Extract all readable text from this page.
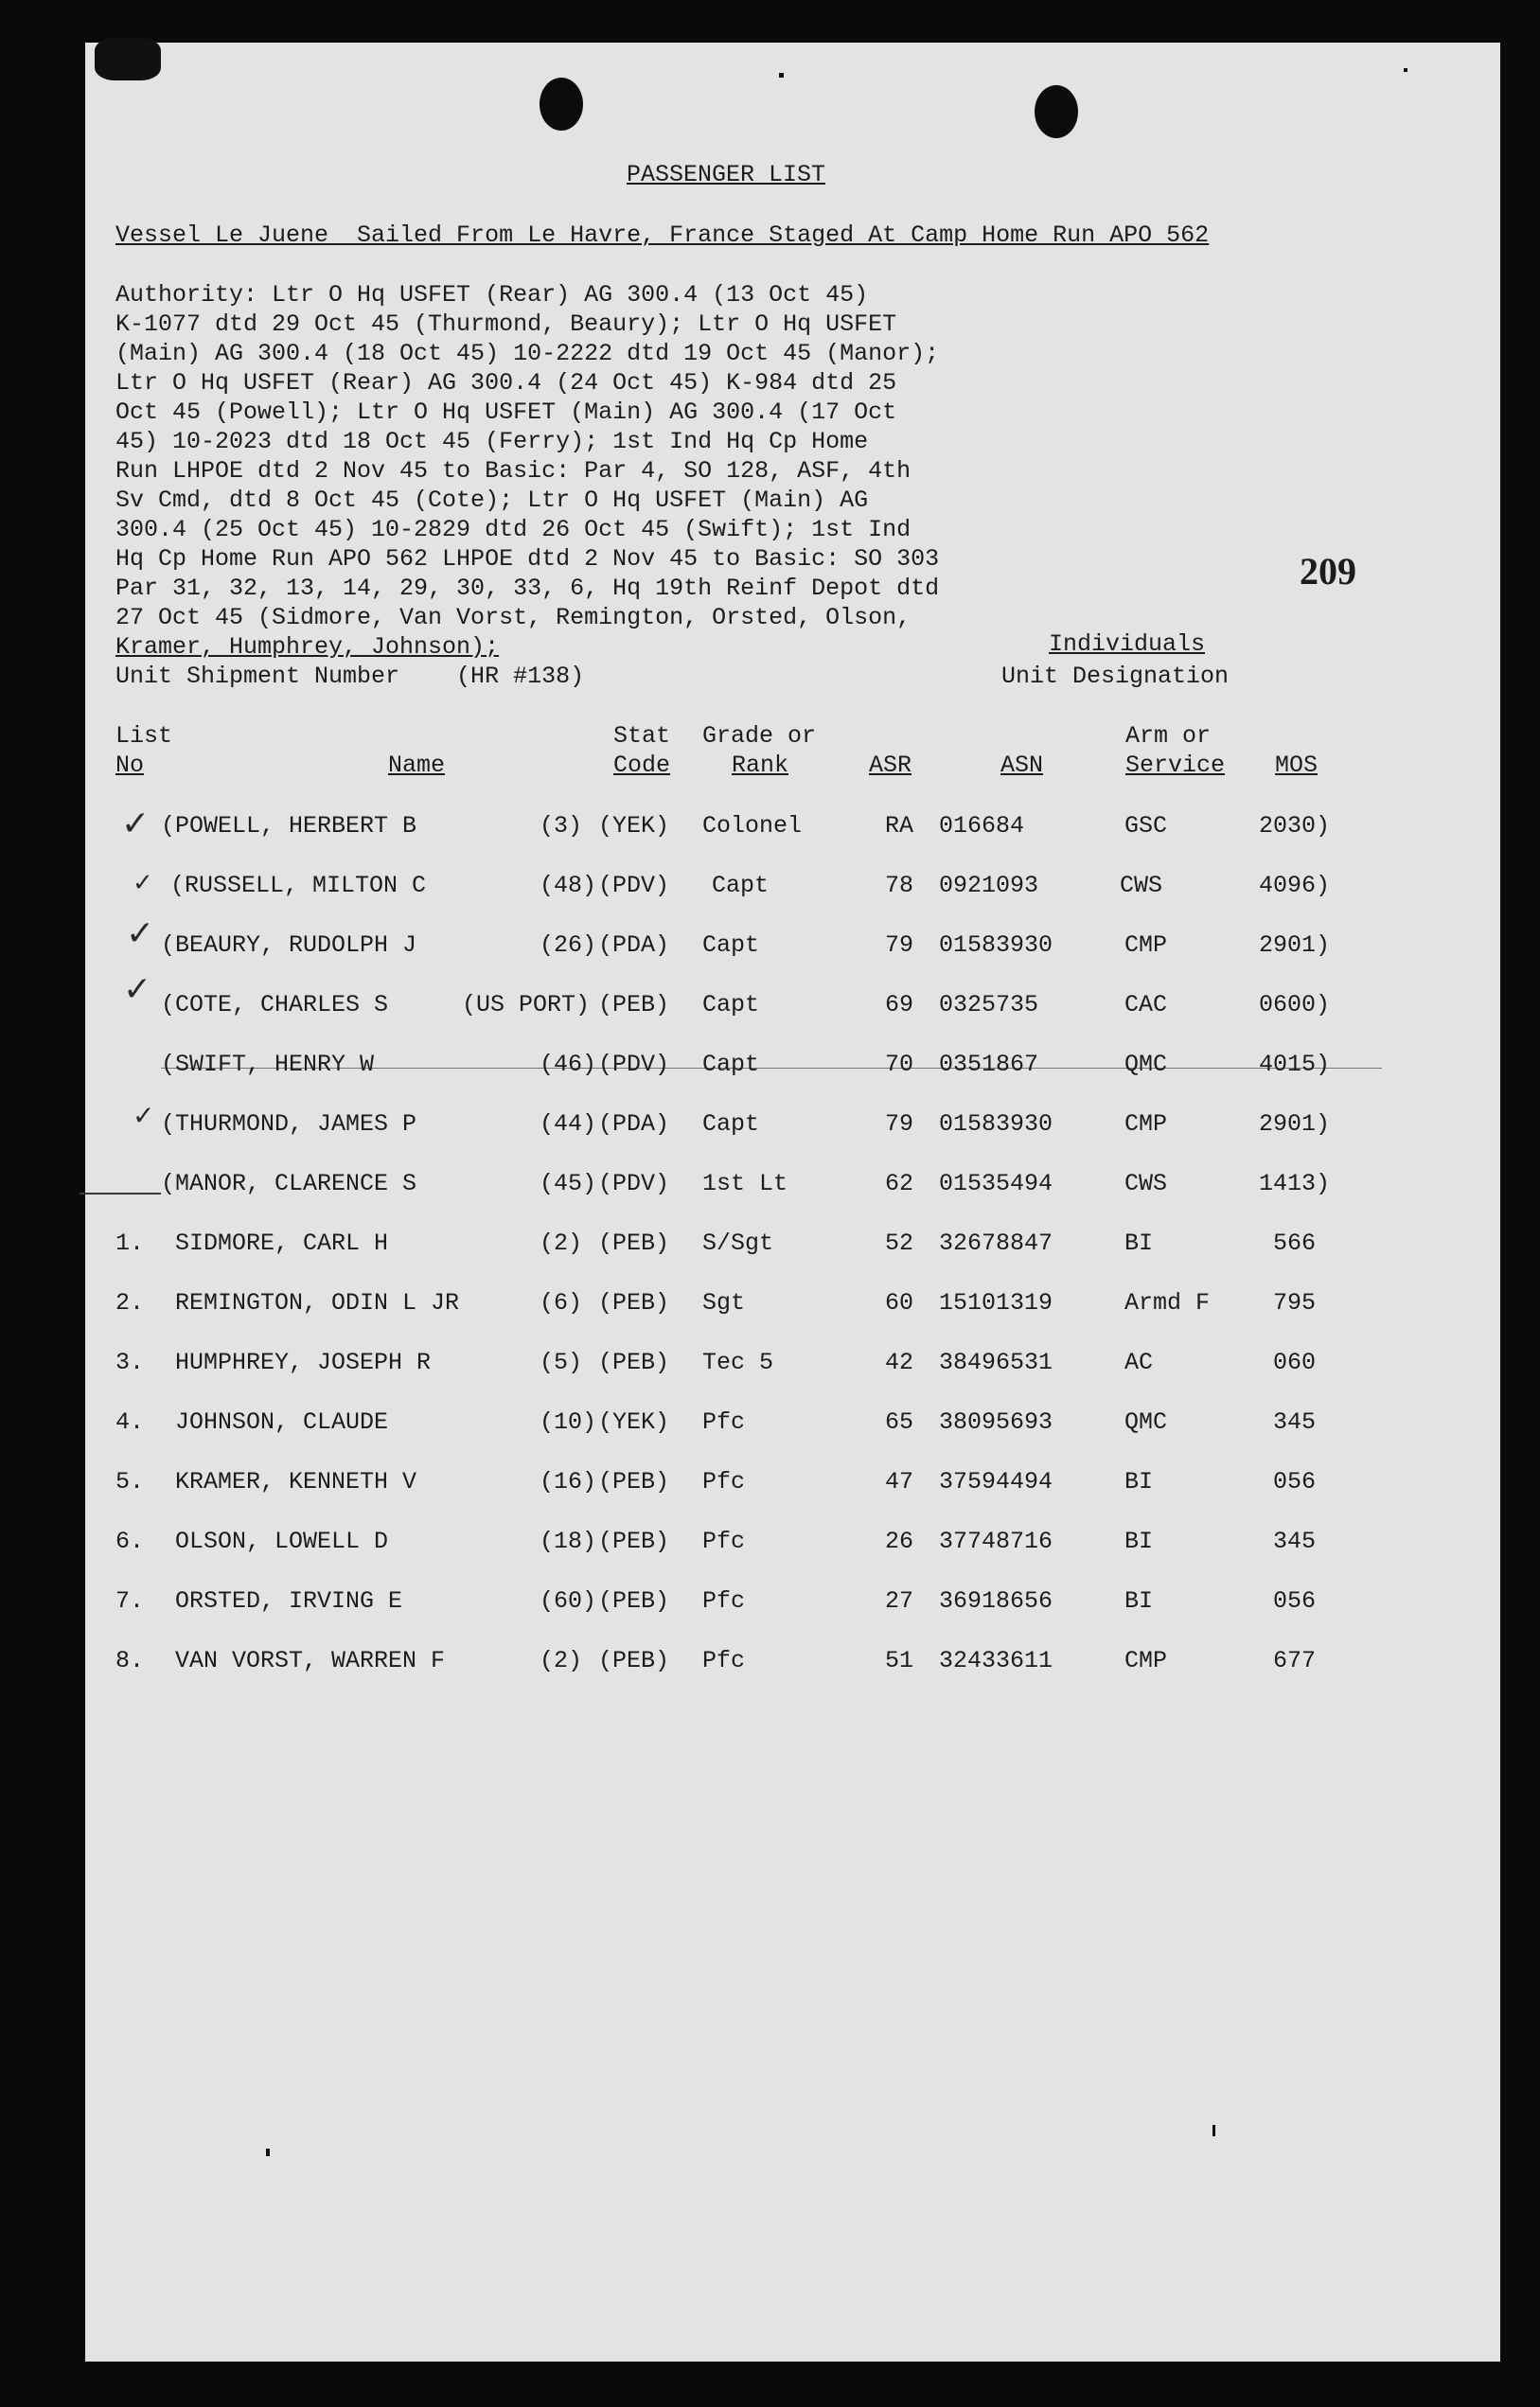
PASSENGER LIST
Vessel Le Juene  Sailed From Le Havre, France Staged At Camp Home Run APO 562
Authority: Ltr O Hq USFET (Rear) AG 300.4 (13 Oct 45)
K-1077 dtd 29 Oct 45 (Thurmond, Beaury); Ltr O Hq USFET
(Main) AG 300.4 (18 Oct 45) 10-2222 dtd 19 Oct 45 (Manor);
Ltr O Hq USFET (Rear) AG 300.4 (24 Oct 45) K-984 dtd 25
Oct 45 (Powell); Ltr O Hq USFET (Main) AG 300.4 (17 Oct
45) 10-2023 dtd 18 Oct 45 (Ferry); 1st Ind Hq Cp Home
Run LHPOE dtd 2 Nov 45 to Basic: Par 4, SO 128, ASF, 4th
Sv Cmd, dtd 8 Oct 45 (Cote); Ltr O Hq USFET (Main) AG
300.4 (25 Oct 45) 10-2829 dtd 26 Oct 45 (Swift); 1st Ind
Hq Cp Home Run APO 562 LHPOE dtd 2 Nov 45 to Basic: SO 303
Par 31, 32, 13, 14, 29, 30, 33, 6, Hq 19th Reinf Depot dtd
27 Oct 45 (Sidmore, Van Vorst, Remington, Orsted, Olson,
Kramer, Humphrey, Johnson);
Unit Shipment Number    (HR #138)
209
Individuals
Unit Designation
List
No	Name
Stat
Code
Grade or
Rank	ASR	ASN
Arm or
Service MOS
✓
✓
✓
✓
✓
(POWELL, HERBERT B	(3) (YEK) Colonel	RA 016684	GSC	2030)
(RUSSELL, MILTON C	(48) (PDV) Capt	78 0921093	CWS	4096)
(BEAURY, RUDOLPH J	(26) (PDA) Capt	79 01583930	CMP	2901)
(COTE, CHARLES S	(US PORT) (PEB) Capt	69 0325735	CAC	0600)
(SWIFT, HENRY W	(46) (PDV) Capt	70 0351867	QMC	4015)
(THURMOND, JAMES P	(44) (PDA) Capt	79 01583930	CMP	2901)
(MANOR, CLARENCE S	(45) (PDV) 1st Lt	62 01535494	CWS	1413)
1. SIDMORE, CARL H	(2) (PEB) S/Sgt	52 32678847	BI	566
2. REMINGTON, ODIN L JR	(6) (PEB) Sgt	60 15101319	Armd F	795
3. HUMPHREY, JOSEPH R	(5) (PEB) Tec 5	42 38496531	AC	060
4. JOHNSON, CLAUDE	(10) (YEK) Pfc	65 38095693	QMC	345
5. KRAMER, KENNETH V	(16) (PEB) Pfc	47 37594494	BI	056
6. OLSON, LOWELL D	(18) (PEB) Pfc	26 37748716	BI	345
7. ORSTED, IRVING E	(60) (PEB) Pfc	27 36918656	BI	056
8. VAN VORST, WARREN F	(2) (PEB) Pfc	51 32433611	CMP	677
